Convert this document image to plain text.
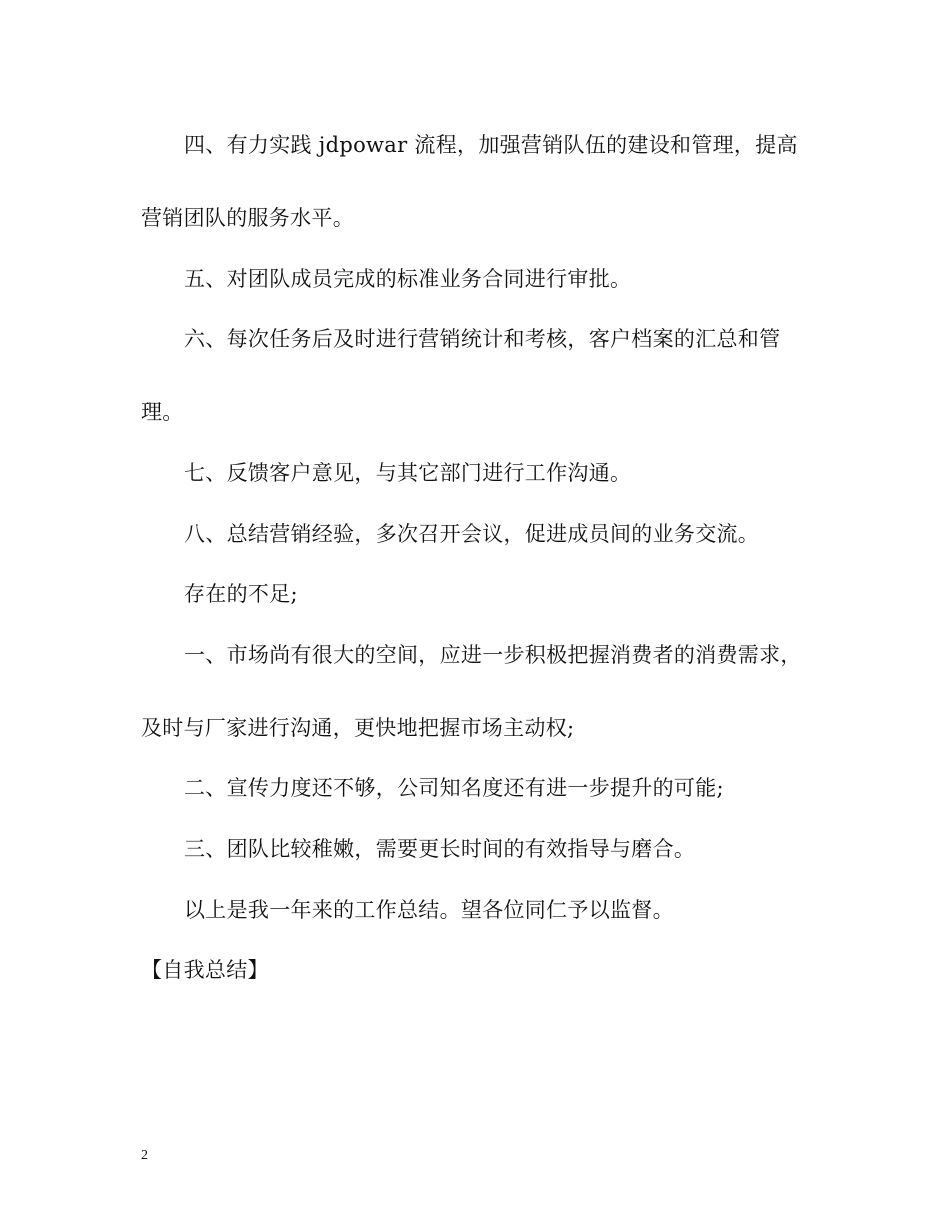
四、有力实践 jdpowar 流程，加强营销队伍的建设和管理，提高

营销团队的服务水平。

五、对团队成员完成的标准业务合同进行审批。

六、每次任务后及时进行营销统计和考核，客户档案的汇总和管

理。

七、反馈客户意见，与其它部门进行工作沟通。

八、总结营销经验，多次召开会议，促进成员间的业务交流。

存在的不足;

一、市场尚有很大的空间，应进一步积极把握消费者的消费需求，

及时与厂家进行沟通，更快地把握市场主动权;

二、宣传力度还不够，公司知名度还有进一步提升的可能;

三、团队比较稚嫩，需要更长时间的有效指导与磨合。

以上是我一年来的工作总结。望各位同仁予以监督。

【自我总结】

2
